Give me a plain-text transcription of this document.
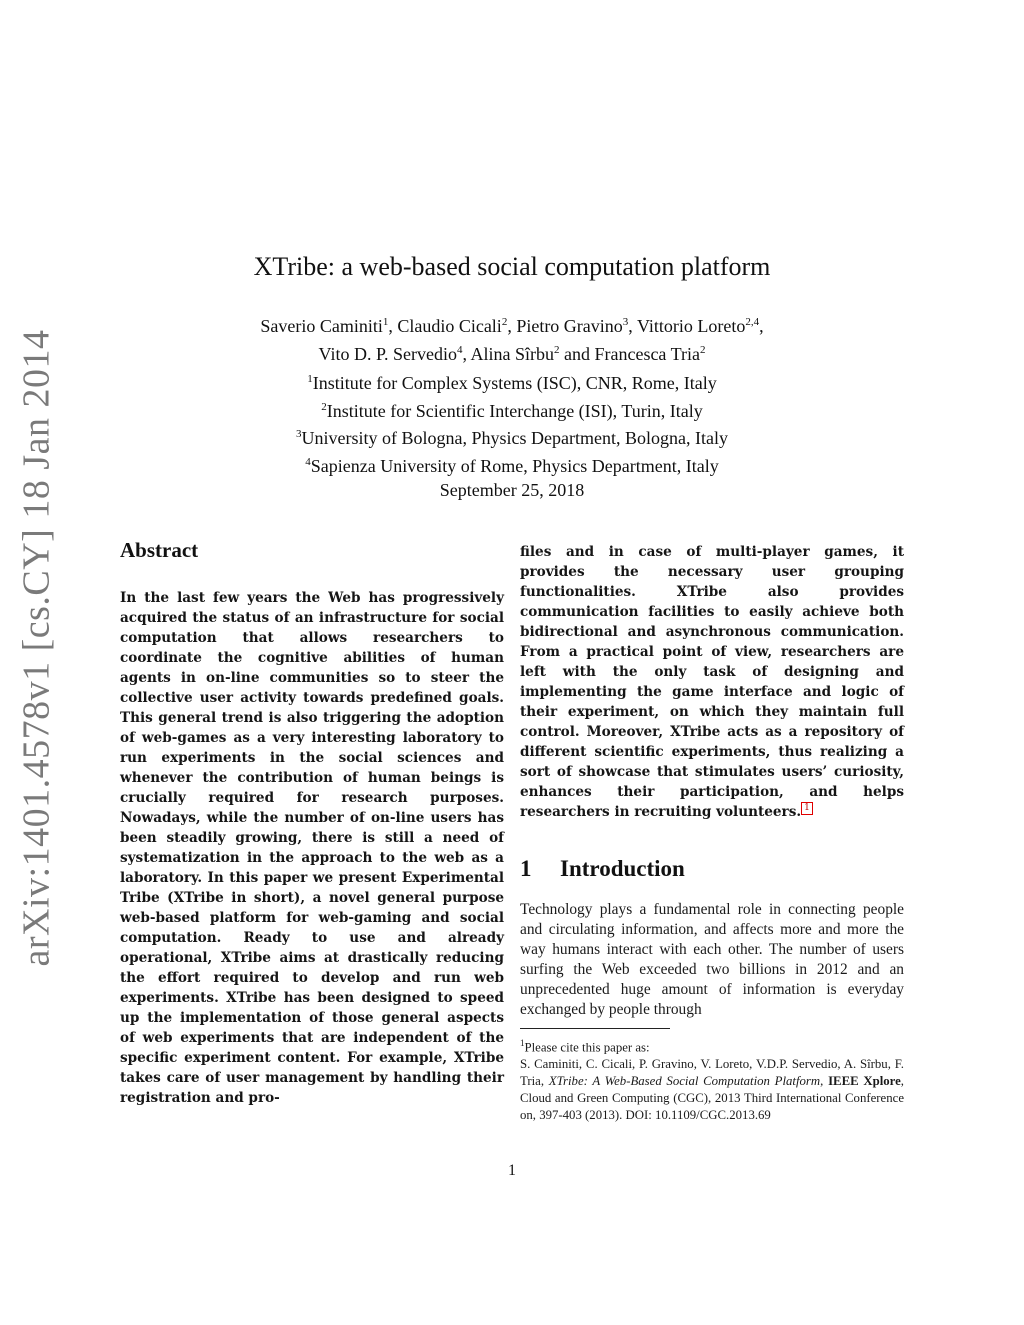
arXiv:1401.4578v1 [cs.CY] 18 Jan 2014
XTribe: a web-based social computation platform
Saverio Caminiti$^1$, Claudio Cicali$^2$, Pietro Gravino$^3$, Vittorio Loreto$^{2,4}$,
Vito D. P. Servedio$^4$, Alina Sîrbu$^2$ and Francesca Tria$^2$
$^1$Institute for Complex Systems (ISC), CNR, Rome, Italy
$^2$Institute for Scientific Interchange (ISI), Turin, Italy
$^3$University of Bologna, Physics Department, Bologna, Italy
$^4$Sapienza University of Rome, Physics Department, Italy
September 25, 2018
Abstract

In the last few years the Web has progressively acquired the status of an infrastructure for social computation that allows researchers to coordinate the cognitive abilities of human agents in on-line communities so to steer the collective user activity towards predefined goals. This general trend is also triggering the adoption of web-games as a very interesting laboratory to run experiments in the social sciences and whenever the contribution of human beings is crucially required for research purposes. Nowadays, while the number of on-line users has been steadily growing, there is still a need of systematization in the approach to the web as a laboratory. In this paper we present Experimental Tribe (XTribe in short), a novel general purpose web-based platform for web-gaming and social computation. Ready to use and already operational, XTribe aims at drastically reducing the effort required to develop and run web experiments. XTribe has been designed to speed up the implementation of those general aspects of web experiments that are independent of the specific experiment content. For example, XTribe takes care of user management by handling their registration and pro-

files and in case of multi-player games, it provides the necessary user grouping functionalities. XTribe also provides communication facilities to easily achieve both bidirectional and asynchronous communication. From a practical point of view, researchers are left with the only task of designing and implementing the game interface and logic of their experiment, on which they maintain full control. Moreover, XTribe acts as a repository of different scientific experiments, thus realizing a sort of showcase that stimulates users’ curiosity, enhances their participation, and helps researchers in recruiting volunteers. 1

1 Introduction

Technology plays a fundamental role in connecting people and circulating information, and affects more and more the way humans interact with each other. The number of users surfing the Web exceeded two billions in 2012 and an unprecedented huge amount of information is everyday exchanged by people through

$^1$Please cite this paper as:
S. Caminiti, C. Cicali, P. Gravino, V. Loreto, V.D.P. Servedio, A. Sîrbu, F. Tria, XTribe: A Web-Based Social Computation Platform, IEEE Xplore, Cloud and Green Computing (CGC), 2013 Third International Conference on, 397-403 (2013). DOI: 10.1109/CGC.2013.69

1
